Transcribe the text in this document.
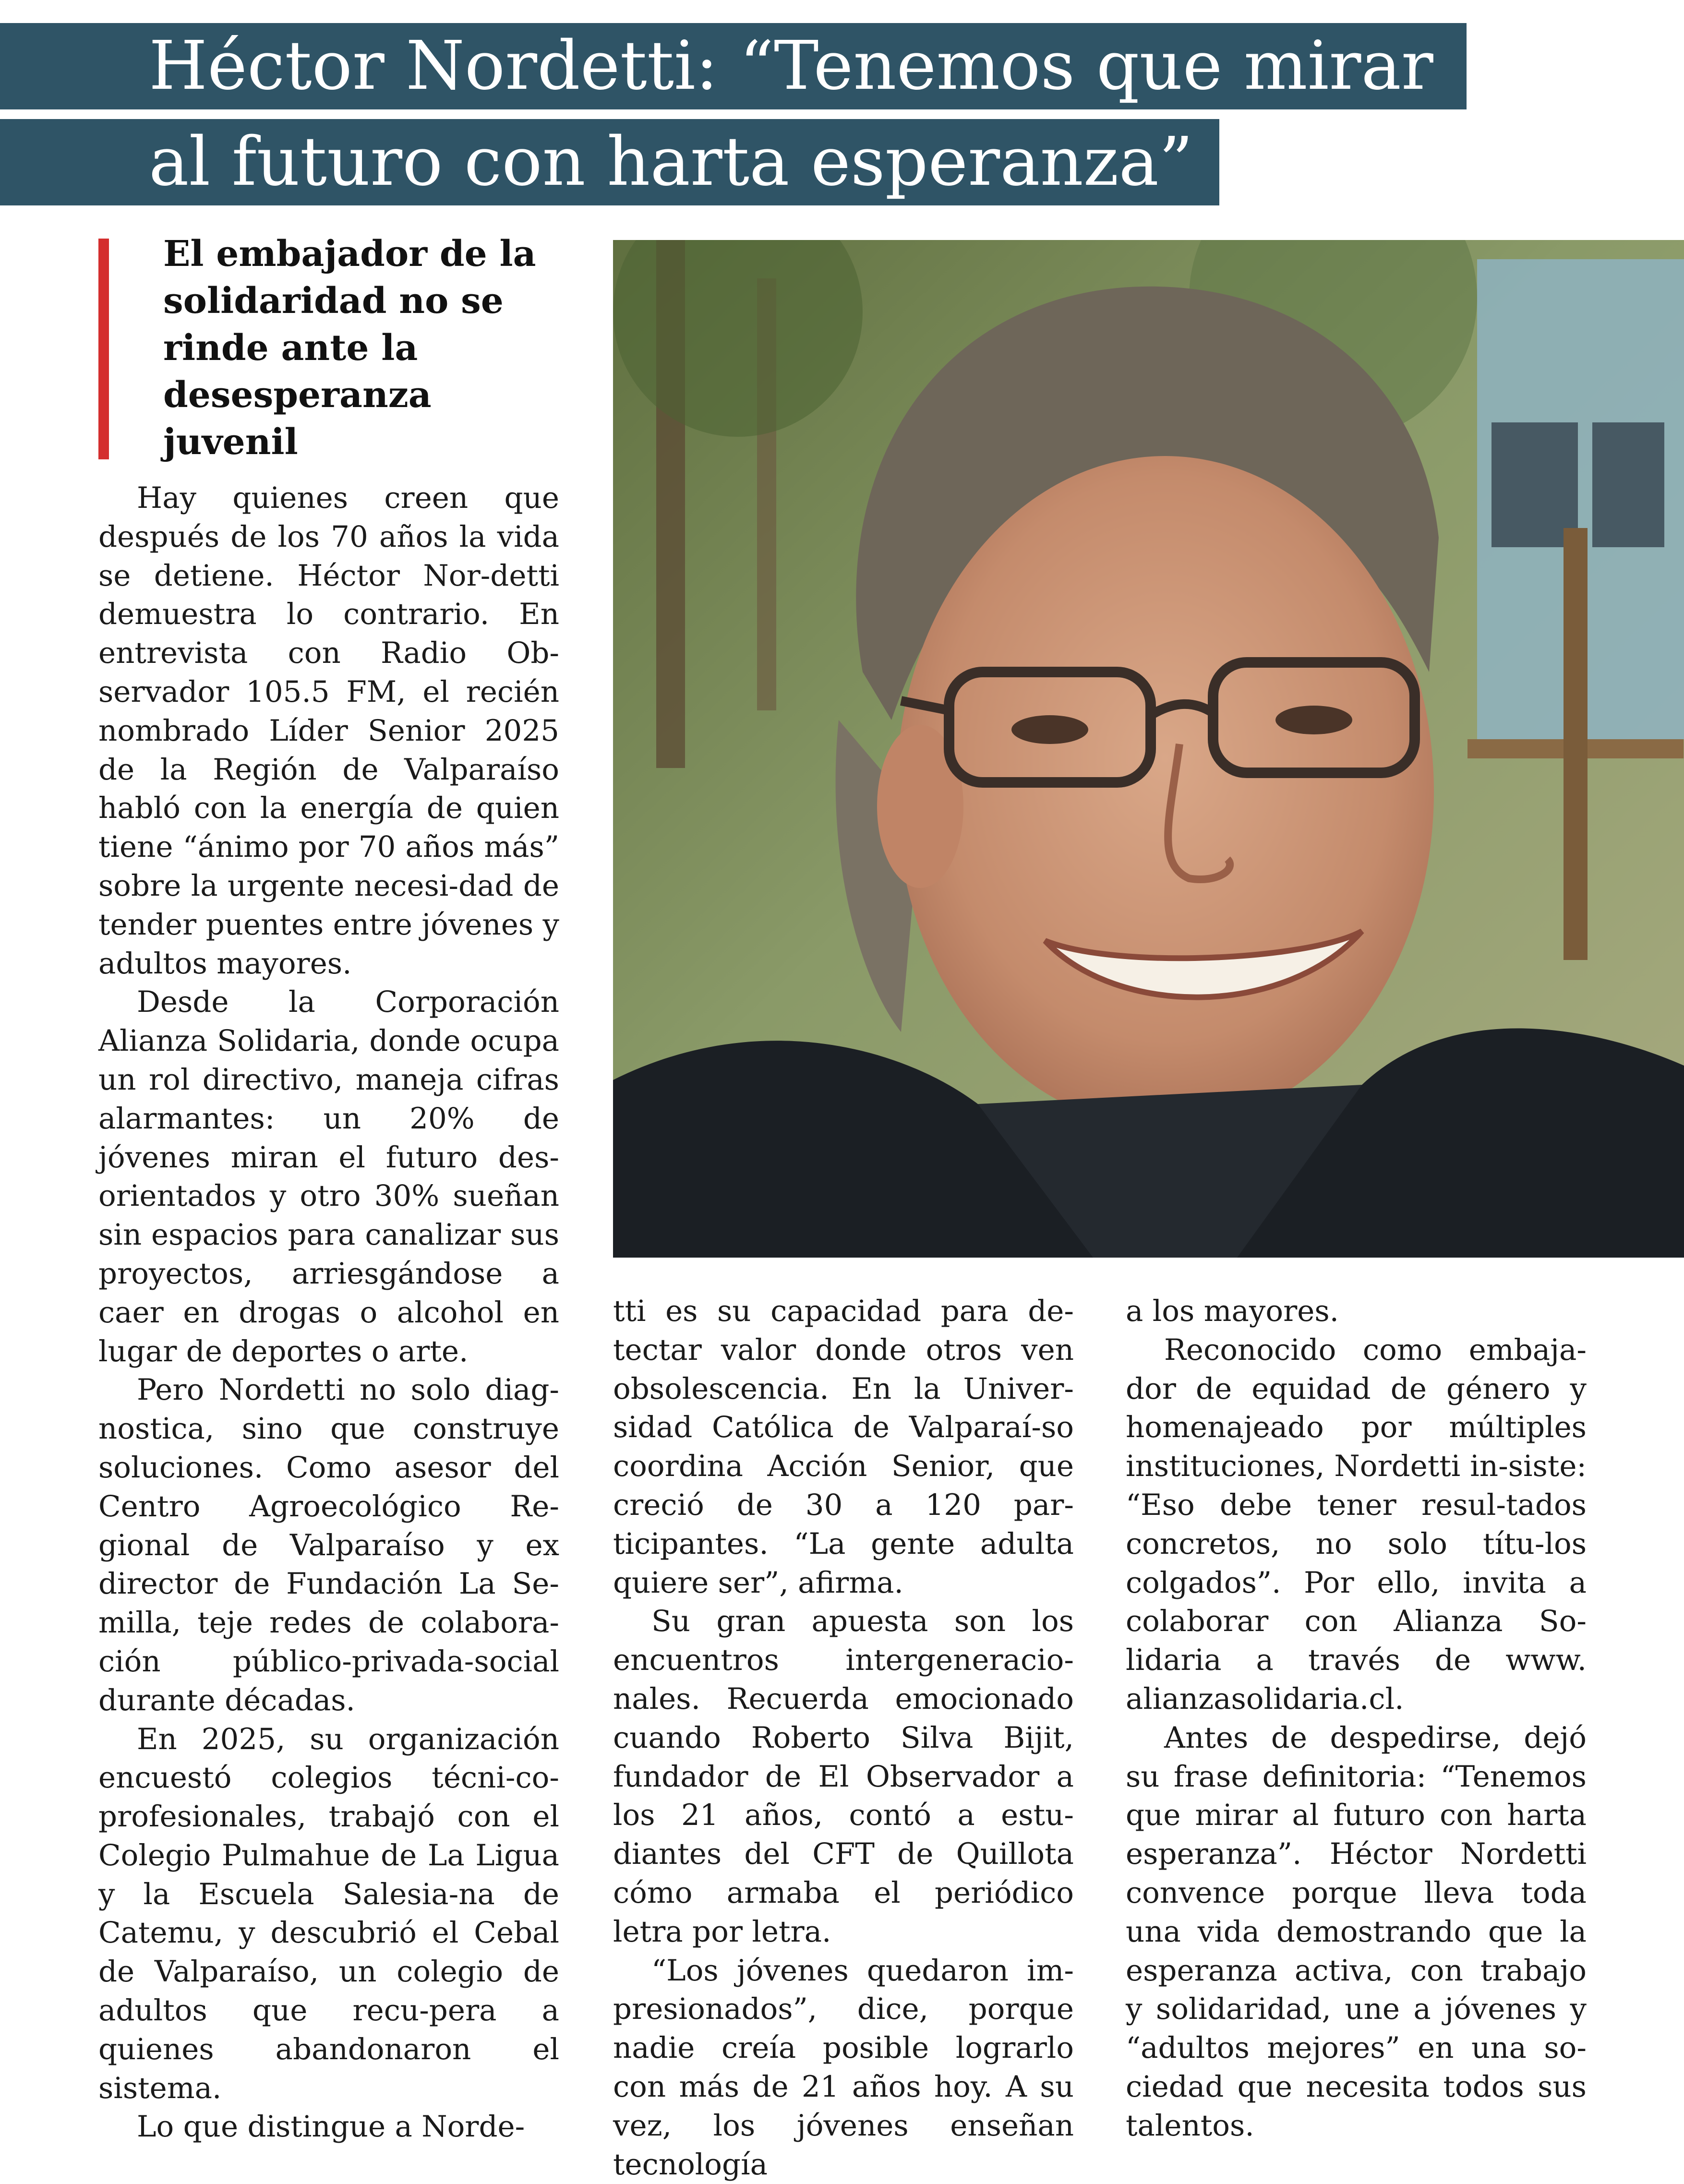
Héctor Nordetti: “Tenemos que mirar
al futuro con harta esperanza”
El embajador de la solidaridad no se rinde ante la desesperanza juvenil

Hay quienes creen que después de los 70 años la vida se detiene. Héctor Nor-detti demuestra lo contrario. En entrevista con Radio Ob-servador 105.5 FM, el recién nombrado Líder Senior 2025 de la Región de Valparaíso habló con la energía de quien tiene “ánimo por 70 años más” sobre la urgente necesi-dad de tender puentes entre jóvenes y adultos mayores.

Desde la Corporación Alianza Solidaria, donde ocupa un rol directivo, maneja cifras alarmantes: un 20% de jóvenes miran el futuro des-orientados y otro 30% sueñan sin espacios para canalizar sus proyectos, arriesgándose a caer en drogas o alcohol en lugar de deportes o arte.

Pero Nordetti no solo diag-nostica, sino que construye soluciones. Como asesor del Centro Agroecológico Re-gional de Valparaíso y ex director de Fundación La Se-milla, teje redes de colabora-ción público-privada-social durante décadas.

En 2025, su organización encuestó colegios técni-co-profesionales, trabajó con el Colegio Pulmahue de La Ligua y la Escuela Salesia-na de Catemu, y descubrió el Cebal de Valparaíso, un colegio de adultos que recu-pera a quienes abandonaron el sistema.

Lo que distingue a Norde-

tti es su capacidad para de-tectar valor donde otros ven obsolescencia. En la Univer-sidad Católica de Valparaí-so coordina Acción Senior, que creció de 30 a 120 par-ticipantes. “La gente adulta quiere ser”, afirma.

Su gran apuesta son los encuentros intergeneracio-nales. Recuerda emocionado cuando Roberto Silva Bijit, fundador de El Observador a los 21 años, contó a estu-diantes del CFT de Quillota cómo armaba el periódico letra por letra.

“Los jóvenes quedaron im-presionados”, dice, porque nadie creía posible lograrlo con más de 21 años hoy. A su vez, los jóvenes enseñan tecnología

a los mayores.

Reconocido como embaja-dor de equidad de género y homenajeado por múltiples instituciones, Nordetti in-siste: “Eso debe tener resul-tados concretos, no solo títu-los colgados”. Por ello, invita a colaborar con Alianza So-lidaria a través de www. alianzasolidaria.cl.

Antes de despedirse, dejó su frase definitoria: “Tenemos que mirar al futuro con harta esperanza”. Héctor Nordetti convence porque lleva toda una vida demostrando que la esperanza activa, con trabajo y solidaridad, une a jóvenes y “adultos mejores” en una so-ciedad que necesita todos sus talentos.
